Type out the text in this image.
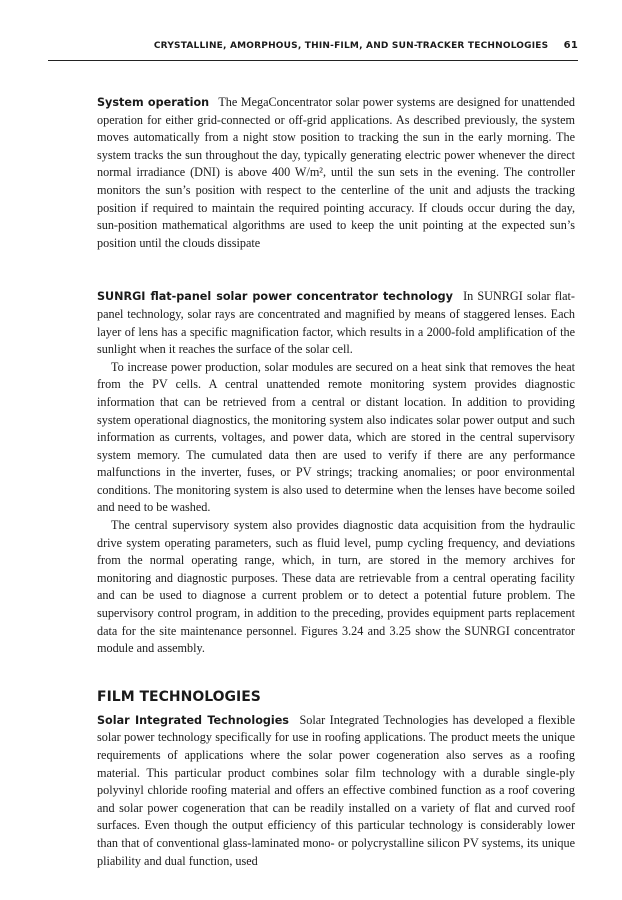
CRYSTALLINE, AMORPHOUS, THIN-FILM, AND SUN-TRACKER TECHNOLOGIES 61

System operation The MegaConcentrator solar power systems are designed for unattended operation for either grid-connected or off-grid applications. As described previously, the system moves automatically from a night stow position to tracking the sun in the early morning. The system tracks the sun throughout the day, typically generating electric power whenever the direct normal irradiance (DNI) is above 400 W/m², until the sun sets in the evening. The controller monitors the sun’s position with respect to the centerline of the unit and adjusts the tracking position if required to maintain the required pointing accuracy. If clouds occur during the day, sun-position mathematical algorithms are used to keep the unit pointing at the expected sun’s position until the clouds dissipate

SUNRGI flat-panel solar power concentrator technology In SUNRGI solar flat-panel technology, solar rays are concentrated and magnified by means of staggered lenses. Each layer of lens has a specific magnification factor, which results in a 2000-fold amplification of the sunlight when it reaches the surface of the solar cell.

To increase power production, solar modules are secured on a heat sink that removes the heat from the PV cells. A central unattended remote monitoring system provides diagnostic information that can be retrieved from a central or distant location. In addition to providing system operational diagnostics, the monitoring system also indicates solar power output and such information as currents, voltages, and power data, which are stored in the central supervisory system memory. The cumulated data then are used to verify if there are any performance malfunctions in the inverter, fuses, or PV strings; tracking anomalies; or poor environmental conditions. The monitoring system is also used to determine when the lenses have become soiled and need to be washed.

The central supervisory system also provides diagnostic data acquisition from the hydraulic drive system operating parameters, such as fluid level, pump cycling frequency, and deviations from the normal operating range, which, in turn, are stored in the memory archives for monitoring and diagnostic purposes. These data are retrievable from a central operating facility and can be used to diagnose a current problem or to detect a potential future problem. The supervisory control program, in addition to the preceding, provides equipment parts replacement data for the site maintenance personnel. Figures 3.24 and 3.25 show the SUNRGI concentrator module and assembly.

FILM TECHNOLOGIES

Solar Integrated Technologies Solar Integrated Technologies has developed a flexible solar power technology specifically for use in roofing applications. The product meets the unique requirements of applications where the solar power cogeneration also serves as a roofing material. This particular product combines solar film technology with a durable single-ply polyvinyl chloride roofing material and offers an effective combined function as a roof covering and solar power cogeneration that can be readily installed on a variety of flat and curved roof surfaces. Even though the output efficiency of this particular technology is considerably lower than that of conventional glass-laminated mono- or polycrystalline silicon PV systems, its unique pliability and dual function, used
